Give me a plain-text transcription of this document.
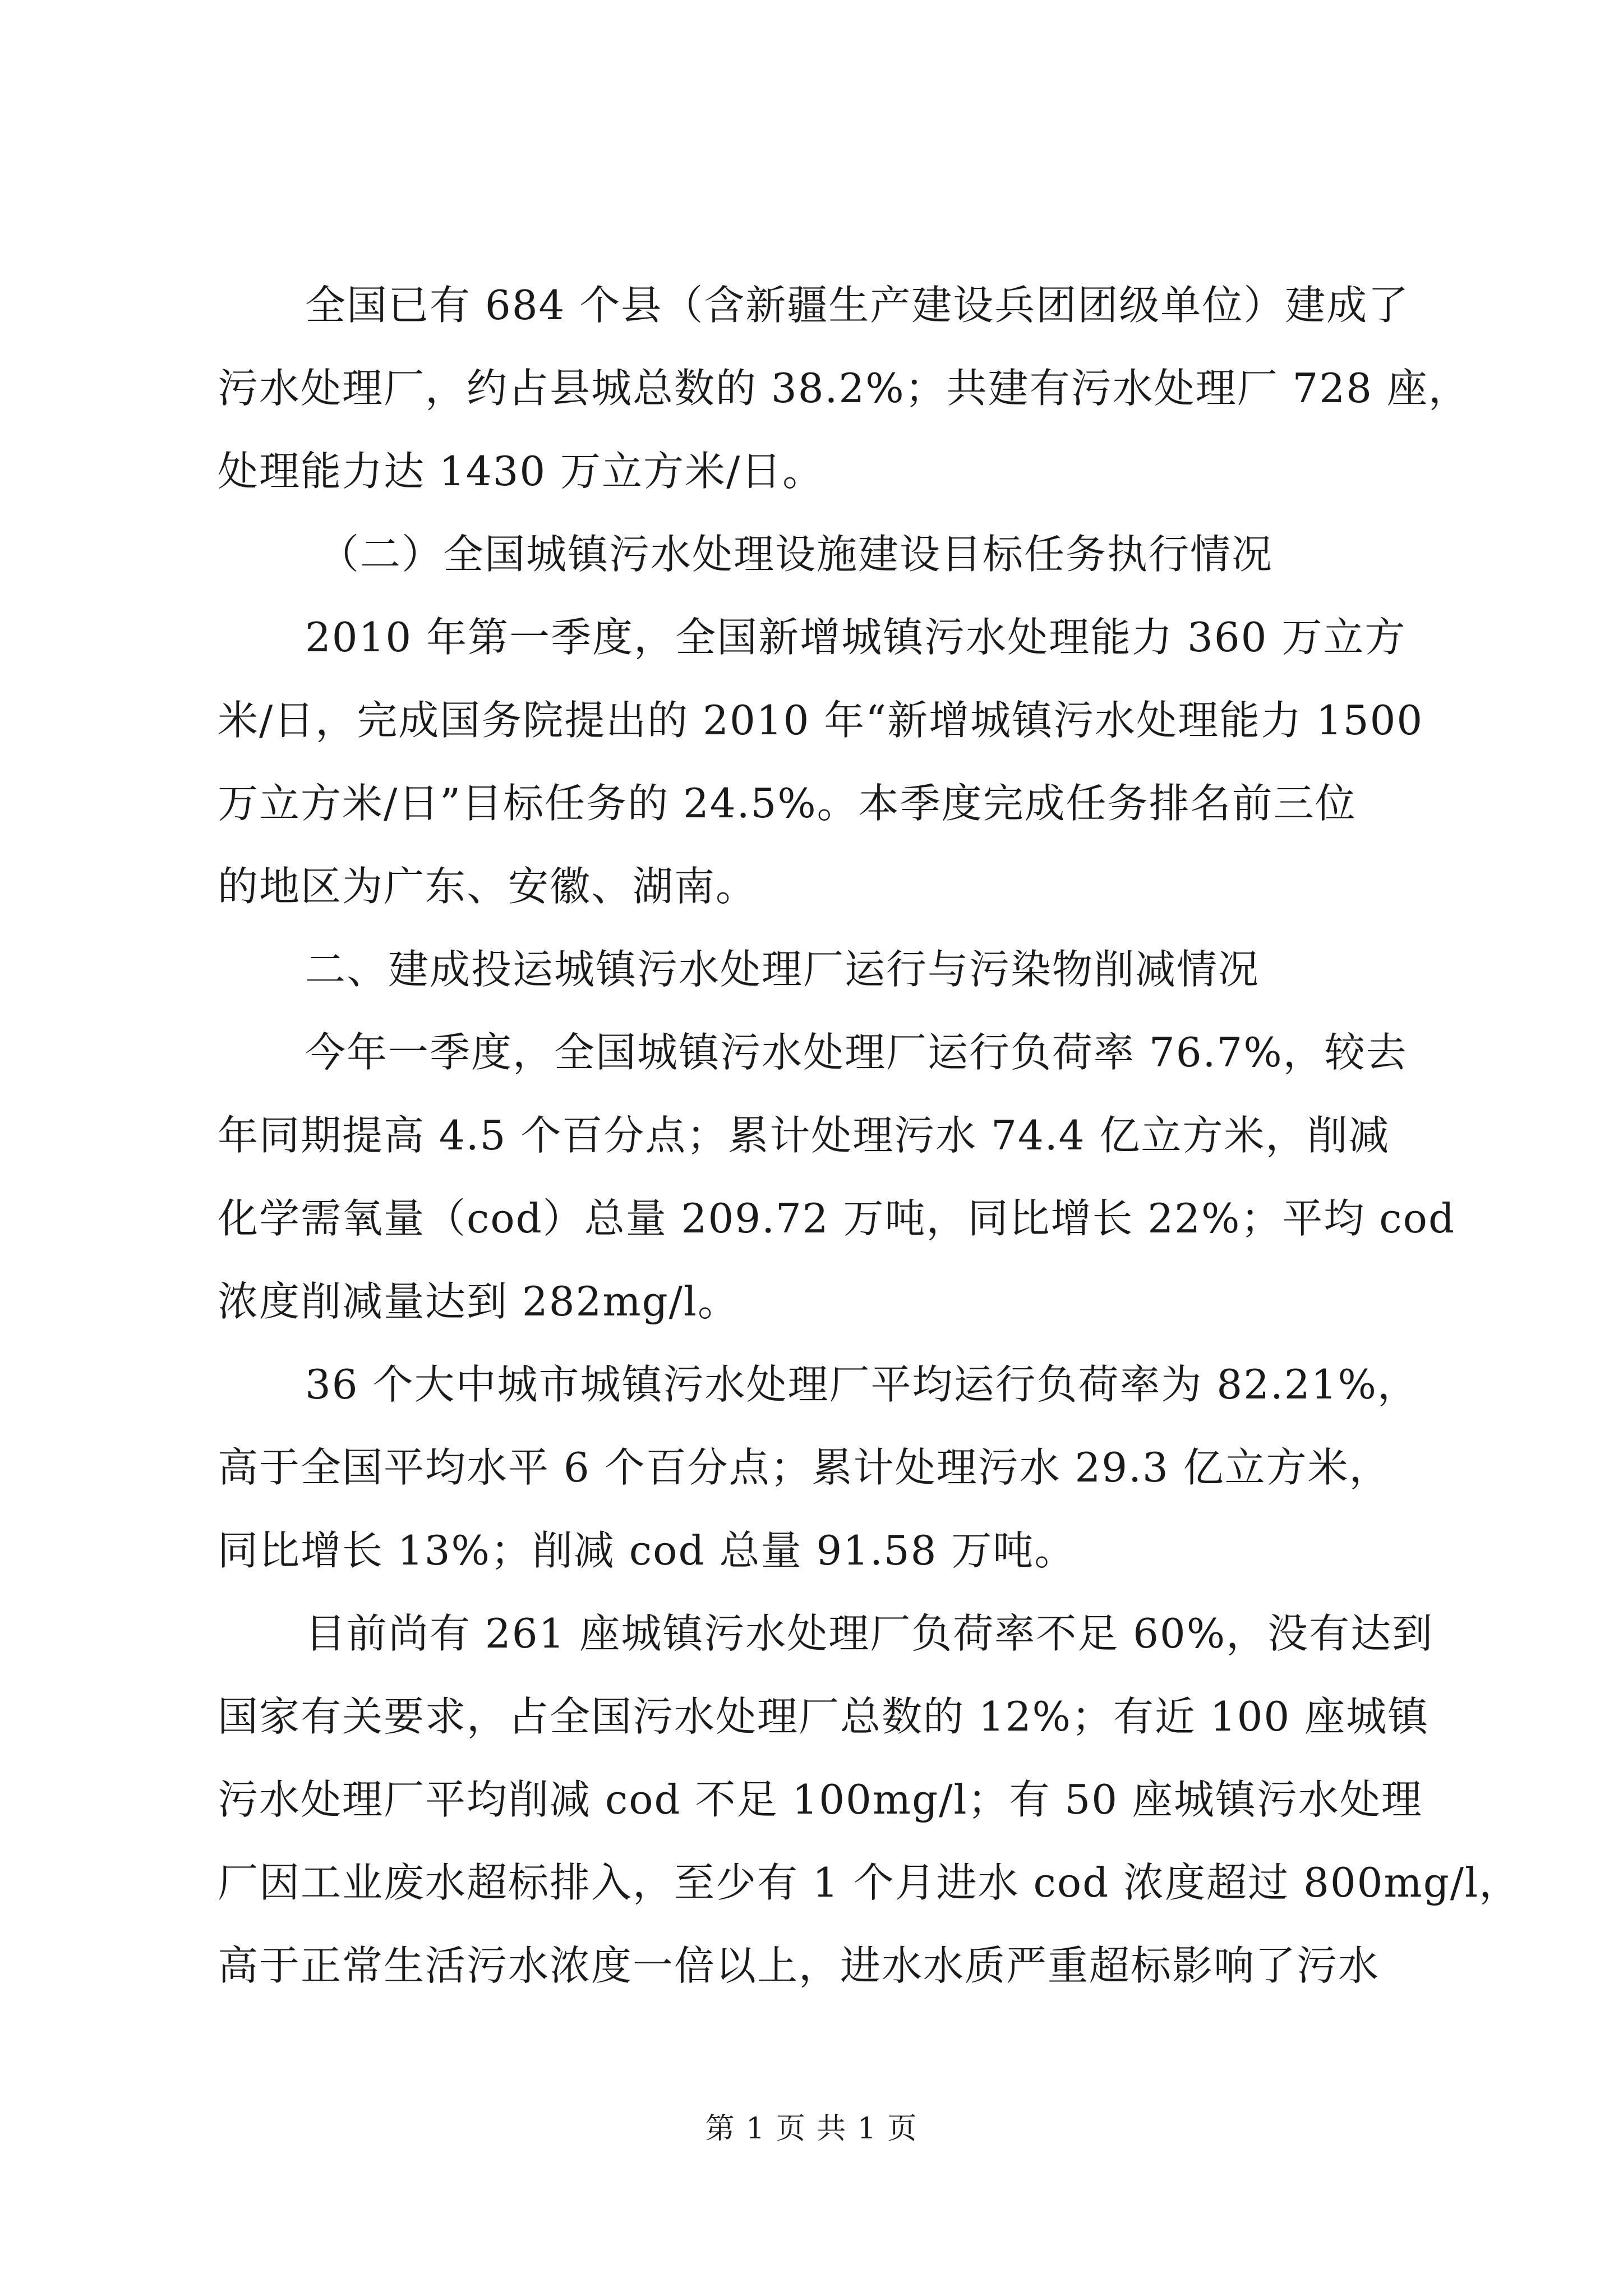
全国已有 684 个县（含新疆生产建设兵团团级单位）建成了
污水处理厂，约占县城总数的 38.2%；共建有污水处理厂 728 座，
处理能力达 1430 万立方米/日。
（二）全国城镇污水处理设施建设目标任务执行情况
2010 年第一季度，全国新增城镇污水处理能力 360 万立方
米/日，完成国务院提出的 2010 年“新增城镇污水处理能力 1500
万立方米/日”目标任务的 24.5%。本季度完成任务排名前三位
的地区为广东、安徽、湖南。
二、建成投运城镇污水处理厂运行与污染物削减情况
今年一季度，全国城镇污水处理厂运行负荷率 76.7%，较去
年同期提高 4.5 个百分点；累计处理污水 74.4 亿立方米，削减
化学需氧量（cod）总量 209.72 万吨，同比增长 22%；平均 cod
浓度削减量达到 282mg/l。
36 个大中城市城镇污水处理厂平均运行负荷率为 82.21%，
高于全国平均水平 6 个百分点；累计处理污水 29.3 亿立方米，
同比增长 13%；削减 cod 总量 91.58 万吨。
目前尚有 261 座城镇污水处理厂负荷率不足 60%，没有达到
国家有关要求，占全国污水处理厂总数的 12%；有近 100 座城镇
污水处理厂平均削减 cod 不足 100mg/l；有 50 座城镇污水处理
厂因工业废水超标排入，至少有 1 个月进水 cod 浓度超过 800mg/l，
高于正常生活污水浓度一倍以上，进水水质严重超标影响了污水
第 1 页 共 1 页
